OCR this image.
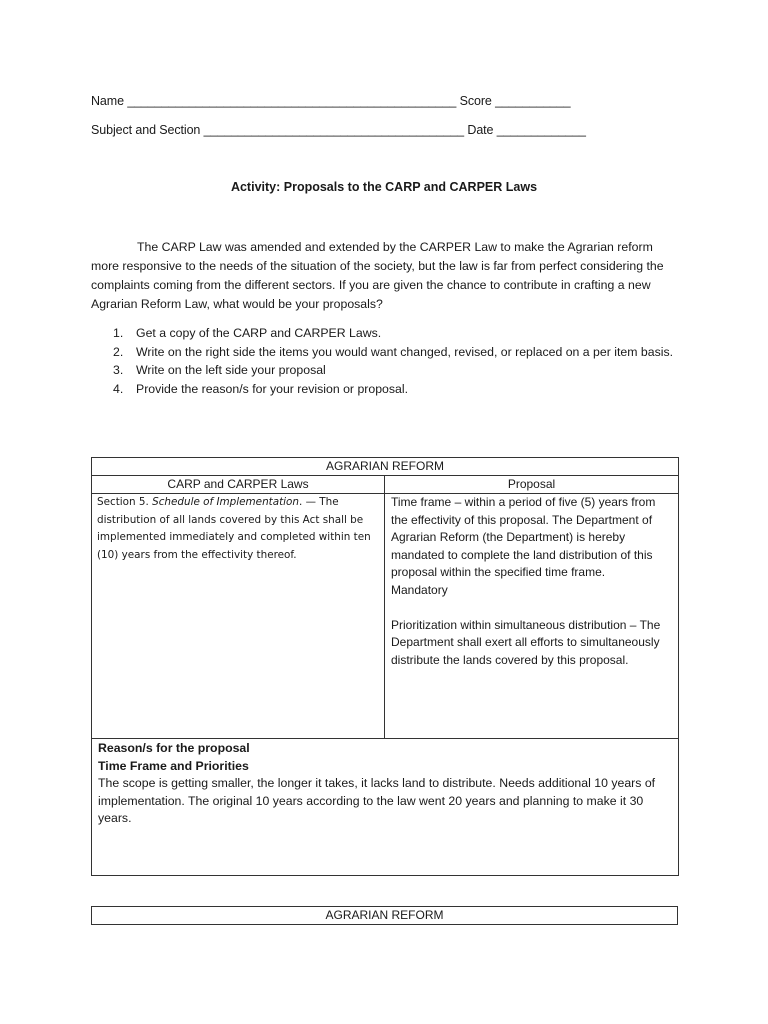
Name ________________________________________________ Score ___________
Subject and Section ______________________________________ Date _____________
Activity: Proposals to the CARP and CARPER Laws

The CARP Law was amended and extended by the CARPER Law to make the Agrarian reform more responsive to the needs of the situation of the society, but the law is far from perfect considering the complaints coming from the different sectors. If you are given the chance to contribute in crafting a new Agrarian Reform Law, what would be your proposals?

1. Get a copy of the CARP and CARPER Laws.
2. Write on the right side the items you would want changed, revised, or replaced on a per item basis.
3. Write on the left side your proposal
4. Provide the reason/s for your revision or proposal.
AGRARIAN REFORM	
CARP and CARPER Laws	Proposal
Section 5. Schedule of Implementation. — The distribution of all lands covered by this Act shall be implemented immediately and completed within ten (10) years from the effectivity thereof.	Time frame – within a period of five (5) years from the effectivity of this proposal. The Department of Agrarian Reform (the Department) is hereby mandated to complete the land distribution of this proposal within the specified time frame.
Mandatory
Prioritization within simultaneous distribution – The Department shall exert all efforts to simultaneously distribute the lands covered by this proposal.

Reason/s for the proposal
Time Frame and Priorities
The scope is getting smaller, the longer it takes, it lacks land to distribute. Needs additional 10 years of implementation. The original 10 years according to the law went 20 years and planning to make it 30 years.	
AGRARIAN REFORM
